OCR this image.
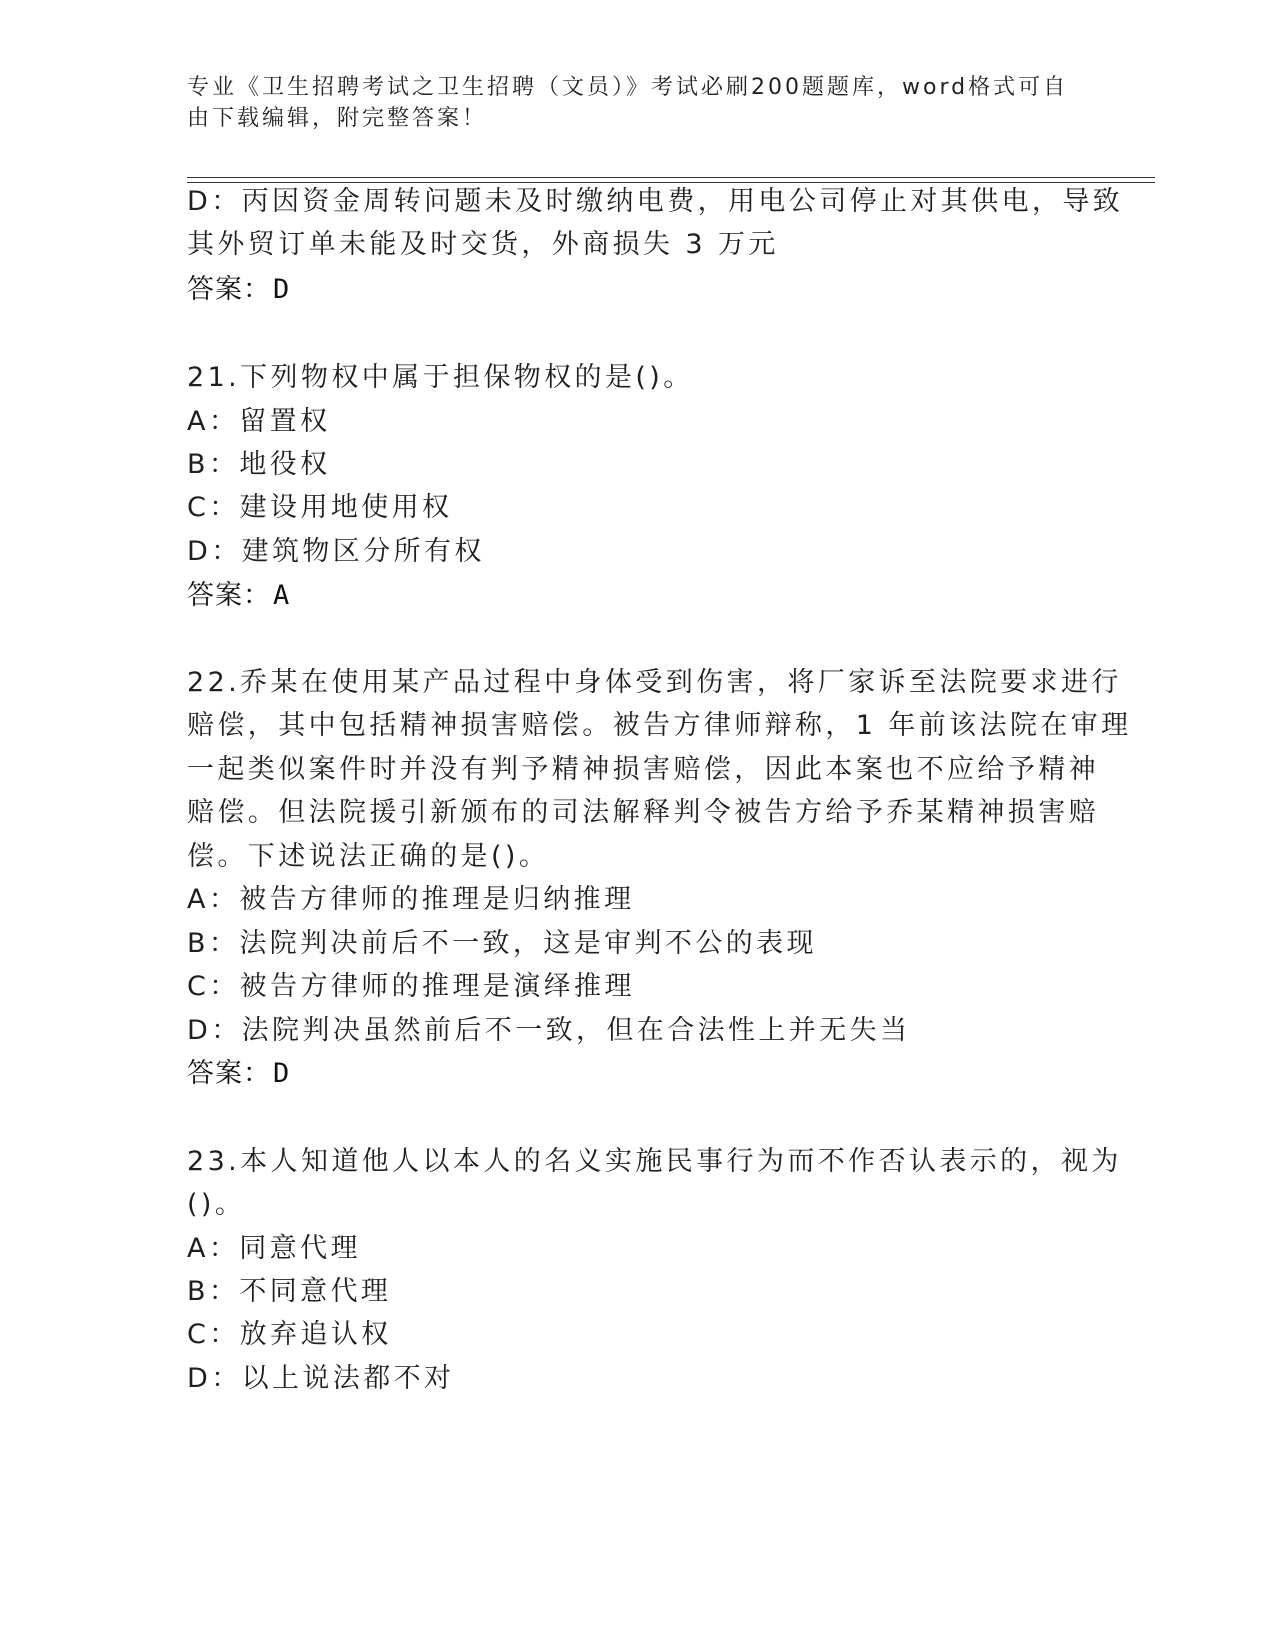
专业《卫生招聘考试之卫生招聘（文员）》考试必刷200题题库，word格式可自
由下载编辑，附完整答案！
D：丙因资金周转问题未及时缴纳电费，用电公司停止对其供电，导致
其外贸订单未能及时交货，外商损失 3 万元
答案：D
21.下列物权中属于担保物权的是()。
A：留置权
B：地役权
C：建设用地使用权
D：建筑物区分所有权
答案：A
22.乔某在使用某产品过程中身体受到伤害，将厂家诉至法院要求进行
赔偿，其中包括精神损害赔偿。被告方律师辩称，1 年前该法院在审理
一起类似案件时并没有判予精神损害赔偿，因此本案也不应给予精神
赔偿。但法院援引新颁布的司法解释判令被告方给予乔某精神损害赔
偿。下述说法正确的是()。
A：被告方律师的推理是归纳推理
B：法院判决前后不一致，这是审判不公的表现
C：被告方律师的推理是演绎推理
D：法院判决虽然前后不一致，但在合法性上并无失当
答案：D
23.本人知道他人以本人的名义实施民事行为而不作否认表示的，视为
()。
A：同意代理
B：不同意代理
C：放弃追认权
D：以上说法都不对
